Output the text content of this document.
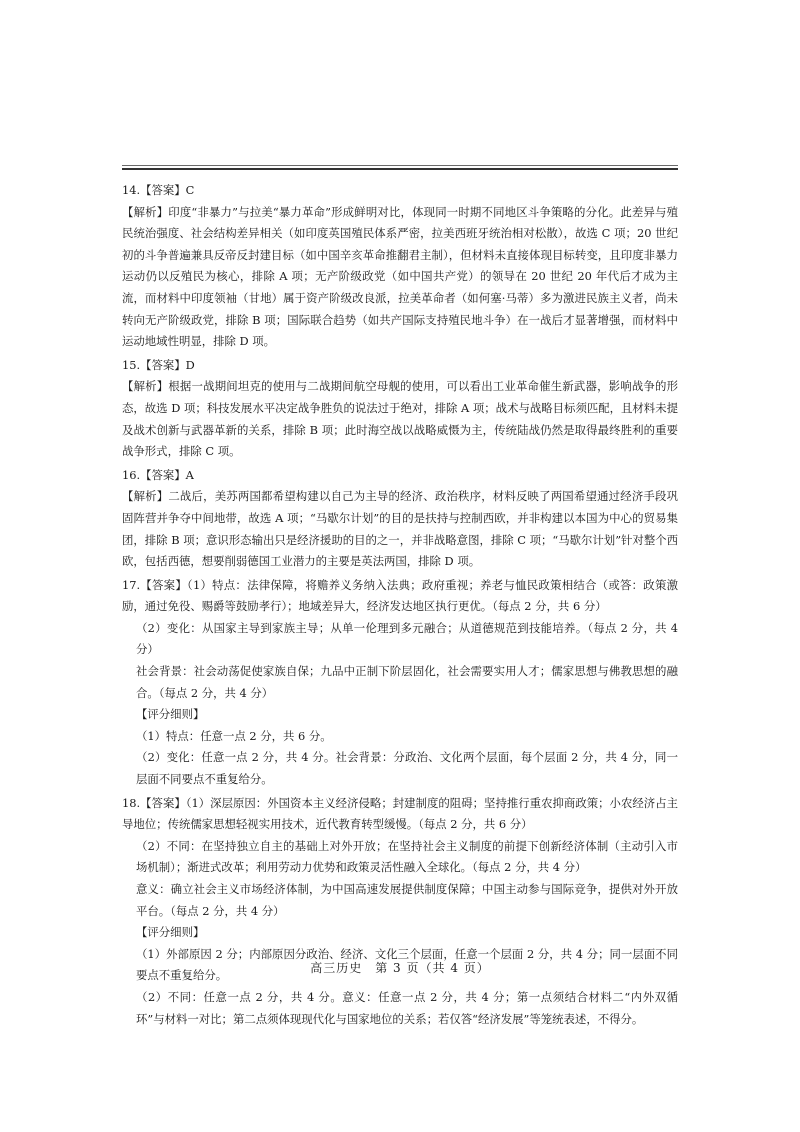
14.【答案】C

【解析】印度“非暴力”与拉美“暴力革命”形成鲜明对比，体现同一时期不同地区斗争策略的分化。此差异与殖民统治强度、社会结构差异相关（如印度英国殖民体系严密，拉美西班牙统治相对松散），故选 C 项；20 世纪初的斗争普遍兼具反帝反封建目标（如中国辛亥革命推翻君主制），但材料未直接体现目标转变，且印度非暴力运动仍以反殖民为核心，排除 A 项；无产阶级政党（如中国共产党）的领导在 20 世纪 20 年代后才成为主流，而材料中印度领袖（甘地）属于资产阶级改良派，拉美革命者（如何塞·马蒂）多为激进民族主义者，尚未转向无产阶级政党，排除 B 项；国际联合趋势（如共产国际支持殖民地斗争）在一战后才显著增强，而材料中运动地域性明显，排除 D 项。

15.【答案】D

【解析】根据一战期间坦克的使用与二战期间航空母舰的使用，可以看出工业革命催生新武器，影响战争的形态，故选 D 项；科技发展水平决定战争胜负的说法过于绝对，排除 A 项；战术与战略目标须匹配，且材料未提及战术创新与武器革新的关系，排除 B 项；此时海空战以战略威慑为主，传统陆战仍然是取得最终胜利的重要战争形式，排除 C 项。

16.【答案】A

【解析】二战后，美苏两国都希望构建以自己为主导的经济、政治秩序，材料反映了两国希望通过经济手段巩固阵营并争夺中间地带，故选 A 项；“马歇尔计划”的目的是扶持与控制西欧，并非构建以本国为中心的贸易集团，排除 B 项；意识形态输出只是经济援助的目的之一，并非战略意图，排除 C 项；“马歇尔计划”针对整个西欧，包括西德，想要削弱德国工业潜力的主要是英法两国，排除 D 项。

17.【答案】（1）特点：法律保障，将赡养义务纳入法典；政府重视；养老与恤民政策相结合（或答：政策激励，通过免役、赐爵等鼓励孝行）；地域差异大，经济发达地区执行更优。（每点 2 分，共 6 分）

（2）变化：从国家主导到家族主导；从单一伦理到多元融合；从道德规范到技能培养。（每点 2 分，共 4 分）

社会背景：社会动荡促使家族自保；九品中正制下阶层固化，社会需要实用人才；儒家思想与佛教思想的融合。（每点 2 分，共 4 分）

【评分细则】

（1）特点：任意一点 2 分，共 6 分。

（2）变化：任意一点 2 分，共 4 分。社会背景：分政治、文化两个层面，每个层面 2 分，共 4 分，同一层面不同要点不重复给分。

18.【答案】（1）深层原因：外国资本主义经济侵略；封建制度的阻碍；坚持推行重农抑商政策；小农经济占主导地位；传统儒家思想轻视实用技术，近代教育转型缓慢。（每点 2 分，共 6 分）

（2）不同：在坚持独立自主的基础上对外开放；在坚持社会主义制度的前提下创新经济体制（主动引入市场机制）；渐进式改革；利用劳动力优势和政策灵活性融入全球化。（每点 2 分，共 4 分）

意义：确立社会主义市场经济体制，为中国高速发展提供制度保障；中国主动参与国际竞争，提供对外开放平台。（每点 2 分，共 4 分）

【评分细则】

（1）外部原因 2 分；内部原因分政治、经济、文化三个层面，任意一个层面 2 分，共 4 分；同一层面不同要点不重复给分。

（2）不同：任意一点 2 分，共 4 分。意义：任意一点 2 分，共 4 分；第一点须结合材料二“内外双循环”与材料一对比；第二点须体现现代化与国家地位的关系；若仅答“经济发展”等笼统表述，不得分。

高三历史　第 3 页（共 4 页）
